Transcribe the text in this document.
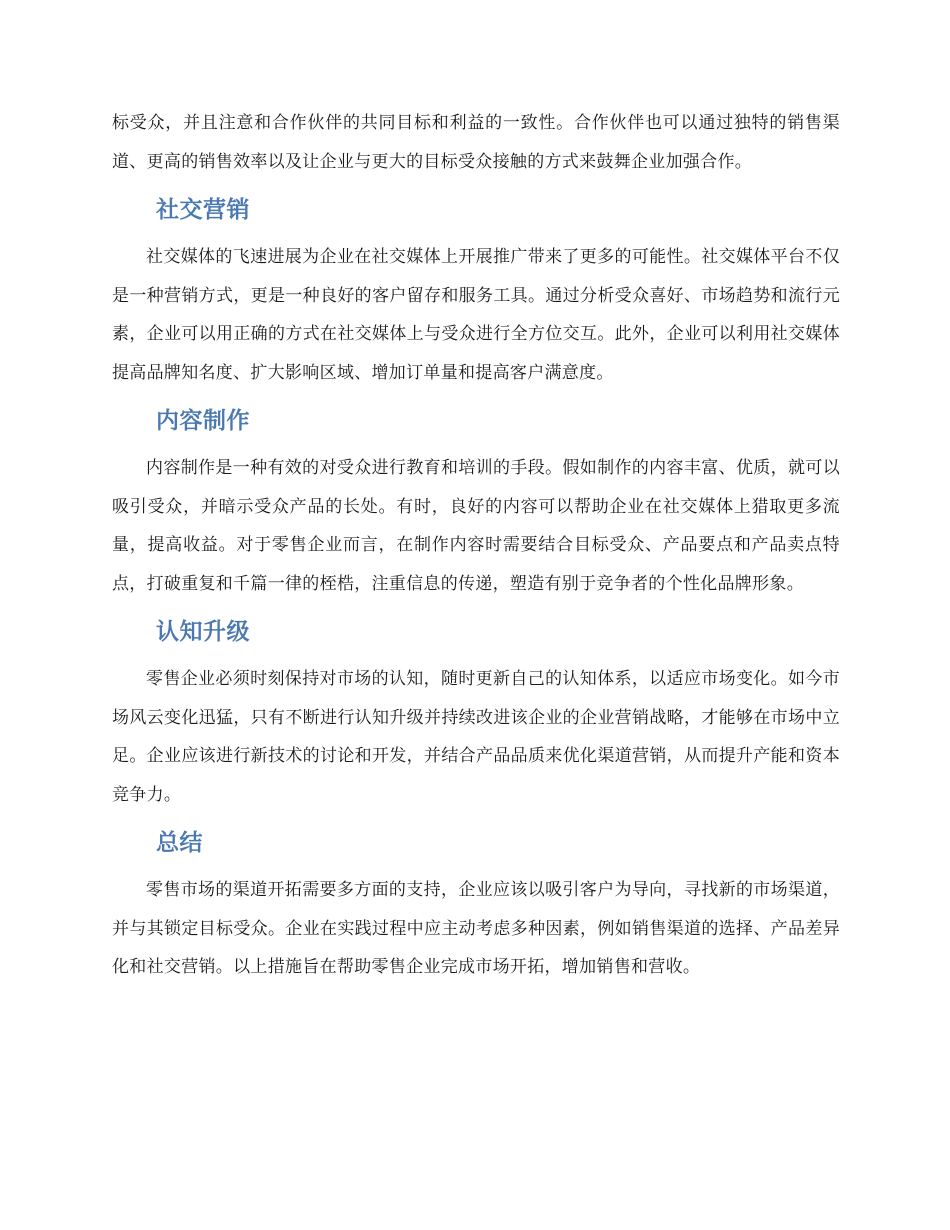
标受众，并且注意和合作伙伴的共同目标和利益的一致性。合作伙伴也可以通过独特的销售渠道、更高的销售效率以及让企业与更大的目标受众接触的方式来鼓舞企业加强合作。

社交营销

社交媒体的飞速进展为企业在社交媒体上开展推广带来了更多的可能性。社交媒体平台不仅是一种营销方式，更是一种良好的客户留存和服务工具。通过分析受众喜好、市场趋势和流行元素，企业可以用正确的方式在社交媒体上与受众进行全方位交互。此外，企业可以利用社交媒体提高品牌知名度、扩大影响区域、增加订单量和提高客户满意度。

内容制作

内容制作是一种有效的对受众进行教育和培训的手段。假如制作的内容丰富、优质，就可以吸引受众，并暗示受众产品的长处。有时，良好的内容可以帮助企业在社交媒体上猎取更多流量，提高收益。对于零售企业而言，在制作内容时需要结合目标受众、产品要点和产品卖点特点，打破重复和千篇一律的桎梏，注重信息的传递，塑造有别于竞争者的个性化品牌形象。

认知升级

零售企业必须时刻保持对市场的认知，随时更新自己的认知体系，以适应市场变化。如今市场风云变化迅猛，只有不断进行认知升级并持续改进该企业的企业营销战略，才能够在市场中立足。企业应该进行新技术的讨论和开发，并结合产品品质来优化渠道营销，从而提升产能和资本竞争力。

总结

零售市场的渠道开拓需要多方面的支持，企业应该以吸引客户为导向，寻找新的市场渠道，并与其锁定目标受众。企业在实践过程中应主动考虑多种因素，例如销售渠道的选择、产品差异化和社交营销。以上措施旨在帮助零售企业完成市场开拓，增加销售和营收。
